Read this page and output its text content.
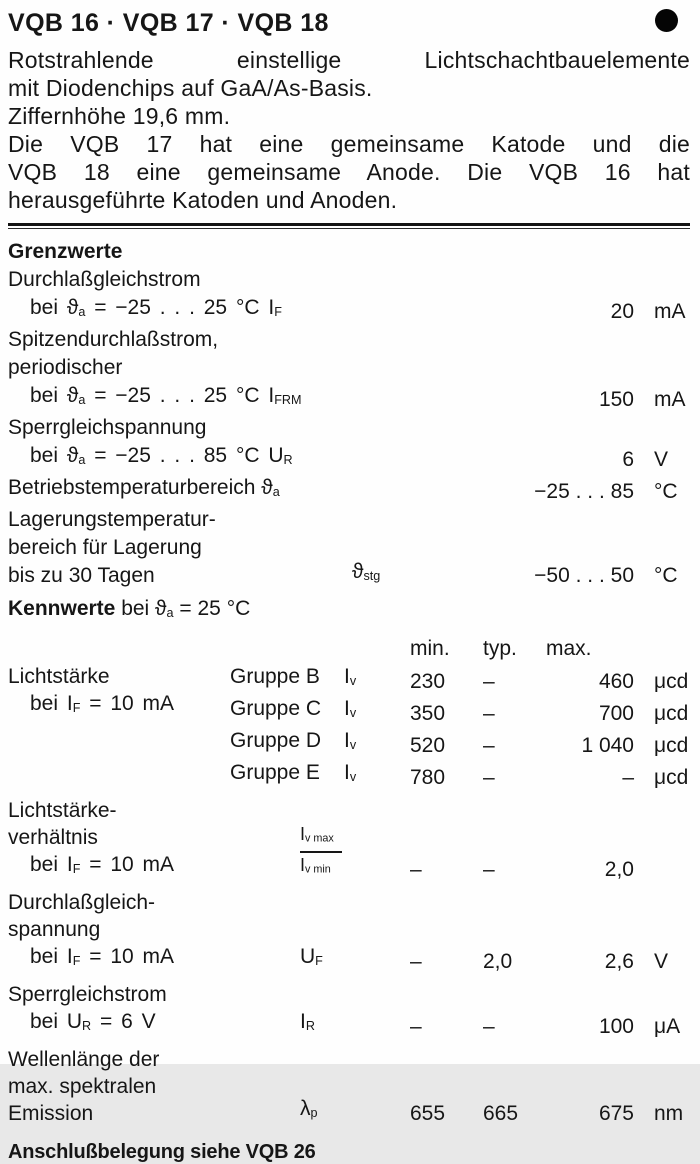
VQB 16 · VQB 17 · VQB 18
Rotstrahlende einstellige Lichtschachtbauelemente
mit Diodenchips auf GaA/As-Basis.
Ziffernhöhe 19,6 mm.
Die VQB 17 hat eine gemeinsame Katode und die
VQB 18 eine gemeinsame Anode. Die VQB 16 hat
herausgeführte Katoden und Anoden.
Grenzwerte
Durchlaßgleichstrom
bei $ϑ_a = -25$ . . . 25 °C $I_F$	20 mA
Spitzendurchlaßstrom,
periodischer
bei $ϑ_a = -25$ . . . 25 °C $I_{FRM}$	150 mA
Sperrgleichspannung
bei $ϑ_a = -25$ . . . 85 °C $U_R$	6 V
Betriebstemperaturbereich $ϑ_a$	−25 . . . 85 °C
Lagerungstemperatur-
bereich für Lagerung
bis zu 30 Tagen	$ϑ_{stg}$	−50 . . . 50 °C
Kennwerte bei $ϑ_a = 25$ °C
min.	typ.	max.
Lichtstärke
bei $I_F = 10$ mA
Gruppe B $I_v$	230	–	460 μcd
Gruppe C $I_v$	350	–	700 μcd
Gruppe D $I_v$	520	–	1 040 μcd
Gruppe E $I_v$	780	–	– μcd
Lichtstärke-
verhältnis
bei $I_F = 10$ mA
$I_{v max}$
$I_{v min}$	–	–	2,0
Durchlaßgleich-
spannung
bei $I_F = 10$ mA	$U_F$	–	2,0	2,6 V
Sperrgleichstrom
bei $U_R = 6$ V	$I_R$	–	–	100 μA
Wellenlänge der
max. spektralen
Emission	$\lambda_p$	655	665	675 nm
Anschlußbelegung siehe VQB 26
